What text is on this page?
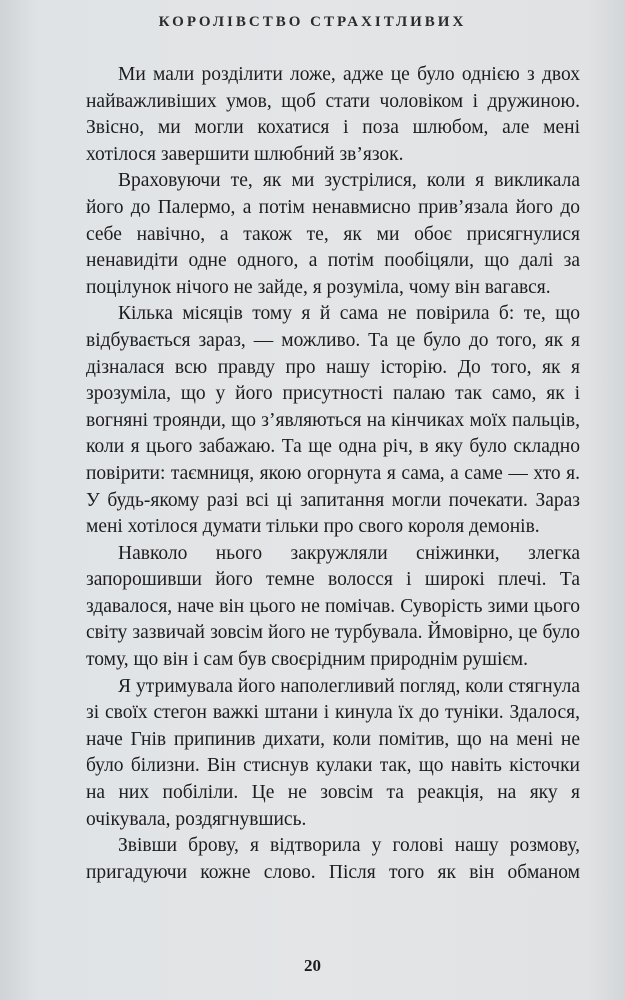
КОРОЛІВСТВО СТРАХІТЛИВИХ

Ми мали розділити ложе, адже це було однією з двох найважливіших умов, щоб стати чоловіком і дружиною. Звісно, ми могли кохатися і поза шлюбом, але мені хотілося завершити шлюбний зв’язок.

Враховуючи те, як ми зустрілися, коли я викликала його до Палермо, а потім ненавмисно прив’язала його до себе навічно, а також те, як ми обоє присягнулися ненавидіти одне одного, а потім пообіцяли, що далі за поцілунок нічого не зайде, я розуміла, чому він вагався.

Кілька місяців тому я й сама не повірила б: те, що відбувається зараз, — можливо. Та це було до того, як я дізналася всю правду про нашу історію. До того, як я зрозуміла, що у його присутності палаю так само, як і вогняні троянди, що з’являються на кінчиках моїх пальців, коли я цього забажаю. Та ще одна річ, в яку було складно повірити: таємниця, якою огорнута я сама, а саме — хто я. У будь-якому разі всі ці запитання могли почекати. Зараз мені хотілося думати тільки про свого короля демонів.

Навколо нього закружляли сніжинки, злегка запорошивши його темне волосся і широкі плечі. Та здавалося, наче він цього не помічав. Суворість зими цього світу зазвичай зовсім його не турбувала. Ймовірно, це було тому, що він і сам був своєрідним природнім рушієм.

Я утримувала його наполегливий погляд, коли стягнула зі своїх стегон важкі штани і кинула їх до туніки. Здалося, наче Гнів припинив дихати, коли помітив, що на мені не було білизни. Він стиснув кулаки так, що навіть кісточки на них побіліли. Це не зовсім та реакція, на яку я очікувала, роздягнувшись.

Звівши брову, я відтворила у голові нашу розмову, пригадуючи кожне слово. Після того як він обманом

20
